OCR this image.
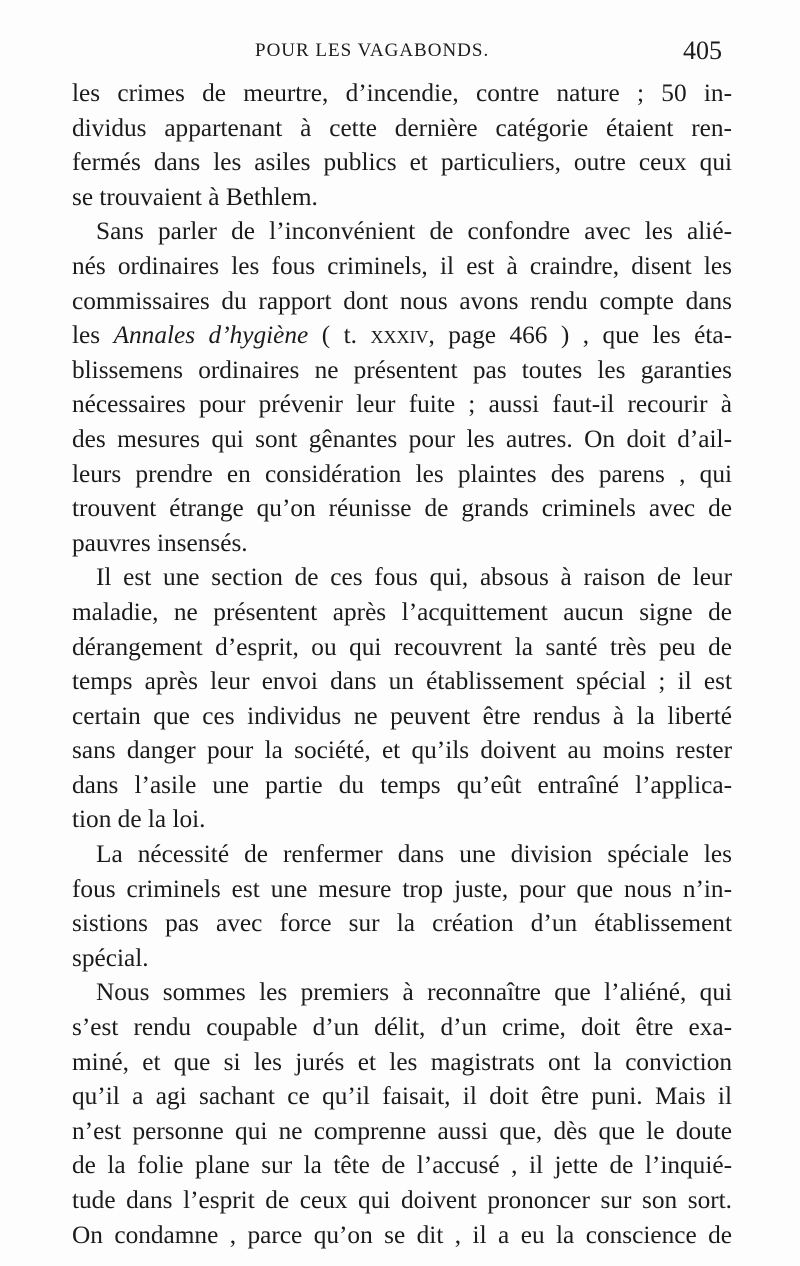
POUR LES VAGABONDS.	405
les crimes de meurtre, d’incendie, contre nature ; 50 in-
dividus appartenant à cette dernière catégorie étaient ren-
fermés dans les asiles publics et particuliers, outre ceux qui
se trouvaient à Bethlem.
Sans parler de l’inconvénient de confondre avec les alié-
nés ordinaires les fous criminels, il est à craindre, disent les
commissaires du rapport dont nous avons rendu compte dans
les Annales d’hygiène ( t. xxxiv, page 466 ) , que les éta-
blissemens ordinaires ne présentent pas toutes les garanties
nécessaires pour prévenir leur fuite ; aussi faut-il recourir à
des mesures qui sont gênantes pour les autres. On doit d’ail-
leurs prendre en considération les plaintes des parens , qui
trouvent étrange qu’on réunisse de grands criminels avec de
pauvres insensés.
Il est une section de ces fous qui, absous à raison de leur
maladie, ne présentent après l’acquittement aucun signe de
dérangement d’esprit, ou qui recouvrent la santé très peu de
temps après leur envoi dans un établissement spécial ; il est
certain que ces individus ne peuvent être rendus à la liberté
sans danger pour la société, et qu’ils doivent au moins rester
dans l’asile une partie du temps qu’eût entraîné l’applica-
tion de la loi.
La nécessité de renfermer dans une division spéciale les
fous criminels est une mesure trop juste, pour que nous n’in-
sistions pas avec force sur la création d’un établissement
spécial.
Nous sommes les premiers à reconnaître que l’aliéné, qui
s’est rendu coupable d’un délit, d’un crime, doit être exa-
miné, et que si les jurés et les magistrats ont la conviction
qu’il a agi sachant ce qu’il faisait, il doit être puni. Mais il
n’est personne qui ne comprenne aussi que, dès que le doute
de la folie plane sur la tête de l’accusé , il jette de l’inquié-
tude dans l’esprit de ceux qui doivent prononcer sur son sort.
On condamne , parce qu’on se dit , il a eu la conscience de
